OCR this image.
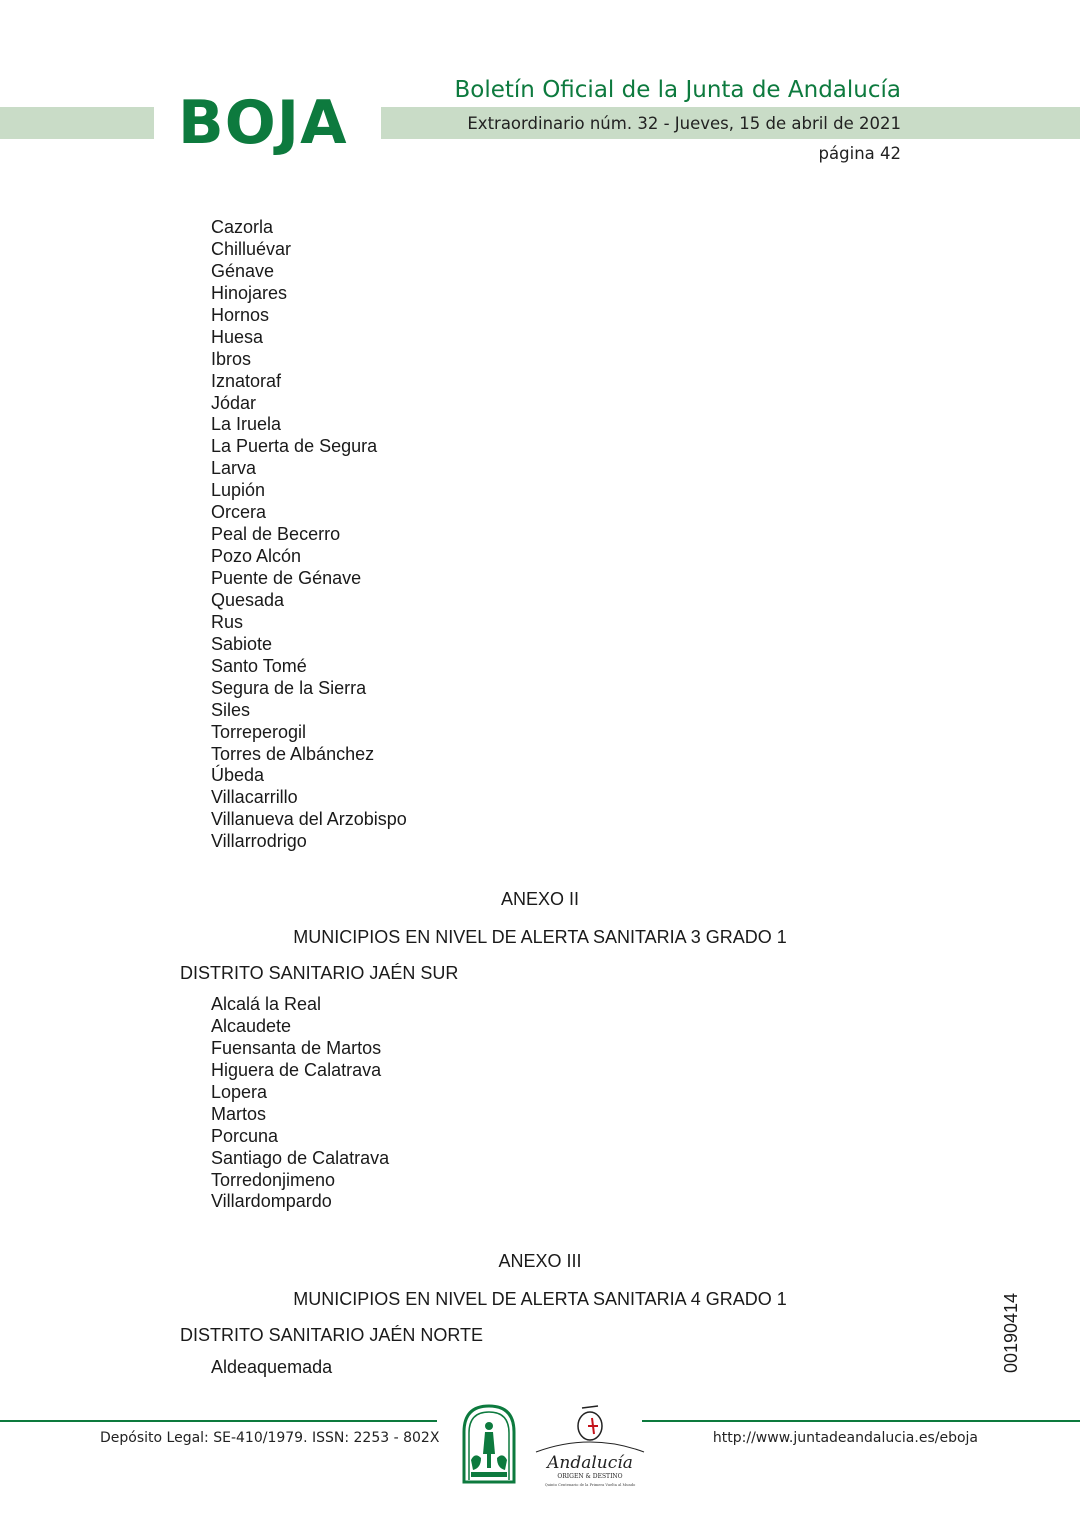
BOJA	Boletín Oficial de la Junta de Andalucía

Extraordinario núm. 32 - Jueves, 15 de abril de 2021

página 42

Cazorla
Chilluévar
Génave
Hinojares
Hornos
Huesa
Ibros
Iznatoraf
Jódar
La Iruela
La Puerta de Segura
Larva
Lupión
Orcera
Peal de Becerro
Pozo Alcón
Puente de Génave
Quesada
Rus
Sabiote
Santo Tomé
Segura de la Sierra
Siles
Torreperogil
Torres de Albánchez
Úbeda
Villacarrillo
Villanueva del Arzobispo
Villarrodrigo
ANEXO II
MUNICIPIOS EN NIVEL DE ALERTA SANITARIA 3 GRADO 1

DISTRITO SANITARIO JAÉN SUR

Alcalá la Real
Alcaudete
Fuensanta de Martos
Higuera de Calatrava
Lopera
Martos
Porcuna
Santiago de Calatrava
Torredonjimeno
Villardompardo
ANEXO III
MUNICIPIOS EN NIVEL DE ALERTA SANITARIA 4 GRADO 1

DISTRITO SANITARIO JAÉN NORTE

Aldeaquemada	00190414

Depósito Legal: SE-410/1979. ISSN: 2253 - 802X	http://www.juntadeandalucia.es/eboja

Andalucía
ORIGEN & DESTINO
Quinto Centenario de la Primera Vuelta al Mundo
